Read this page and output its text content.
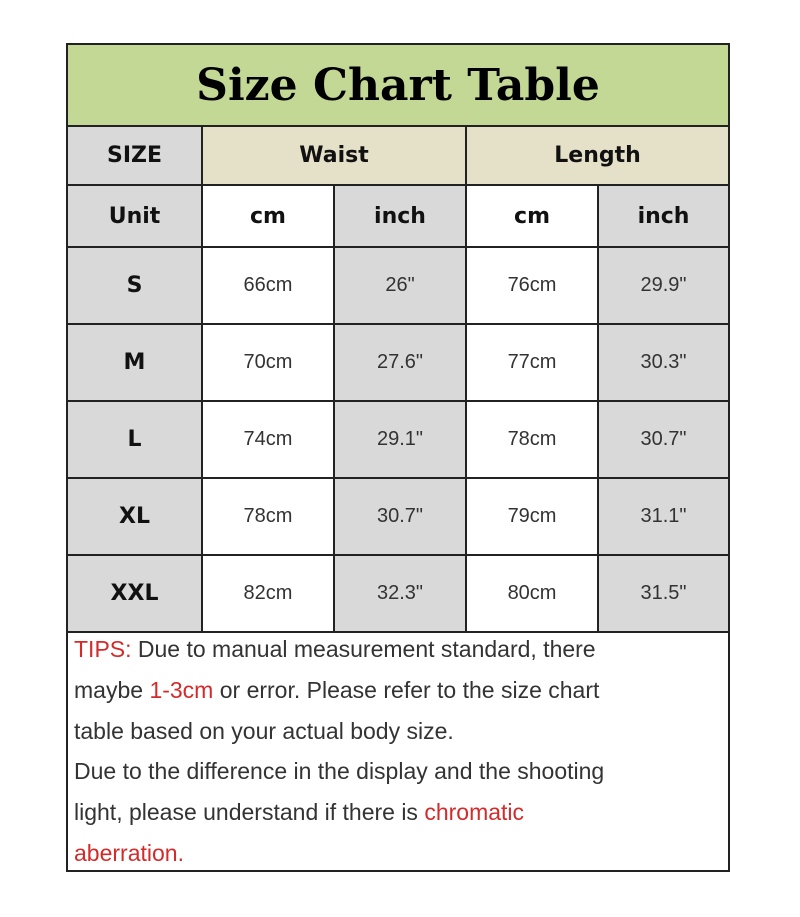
Size Chart Table
SIZE	Waist		Length	
Unit	cm	inch	cm	inch
S	66cm	26"	76cm	29.9"
M	70cm	27.6"	77cm	30.3"
L	74cm	29.1"	78cm	30.7"
XL	78cm	30.7"	79cm	31.1"
XXL	82cm	32.3"	80cm	31.5"
TIPS: Due to manual measurement standard, there
maybe 1-3cm or error. Please refer to the size chart
table based on your actual body size.
Due to the difference in the display and the shooting
light, please understand if there is chromatic
aberration.
